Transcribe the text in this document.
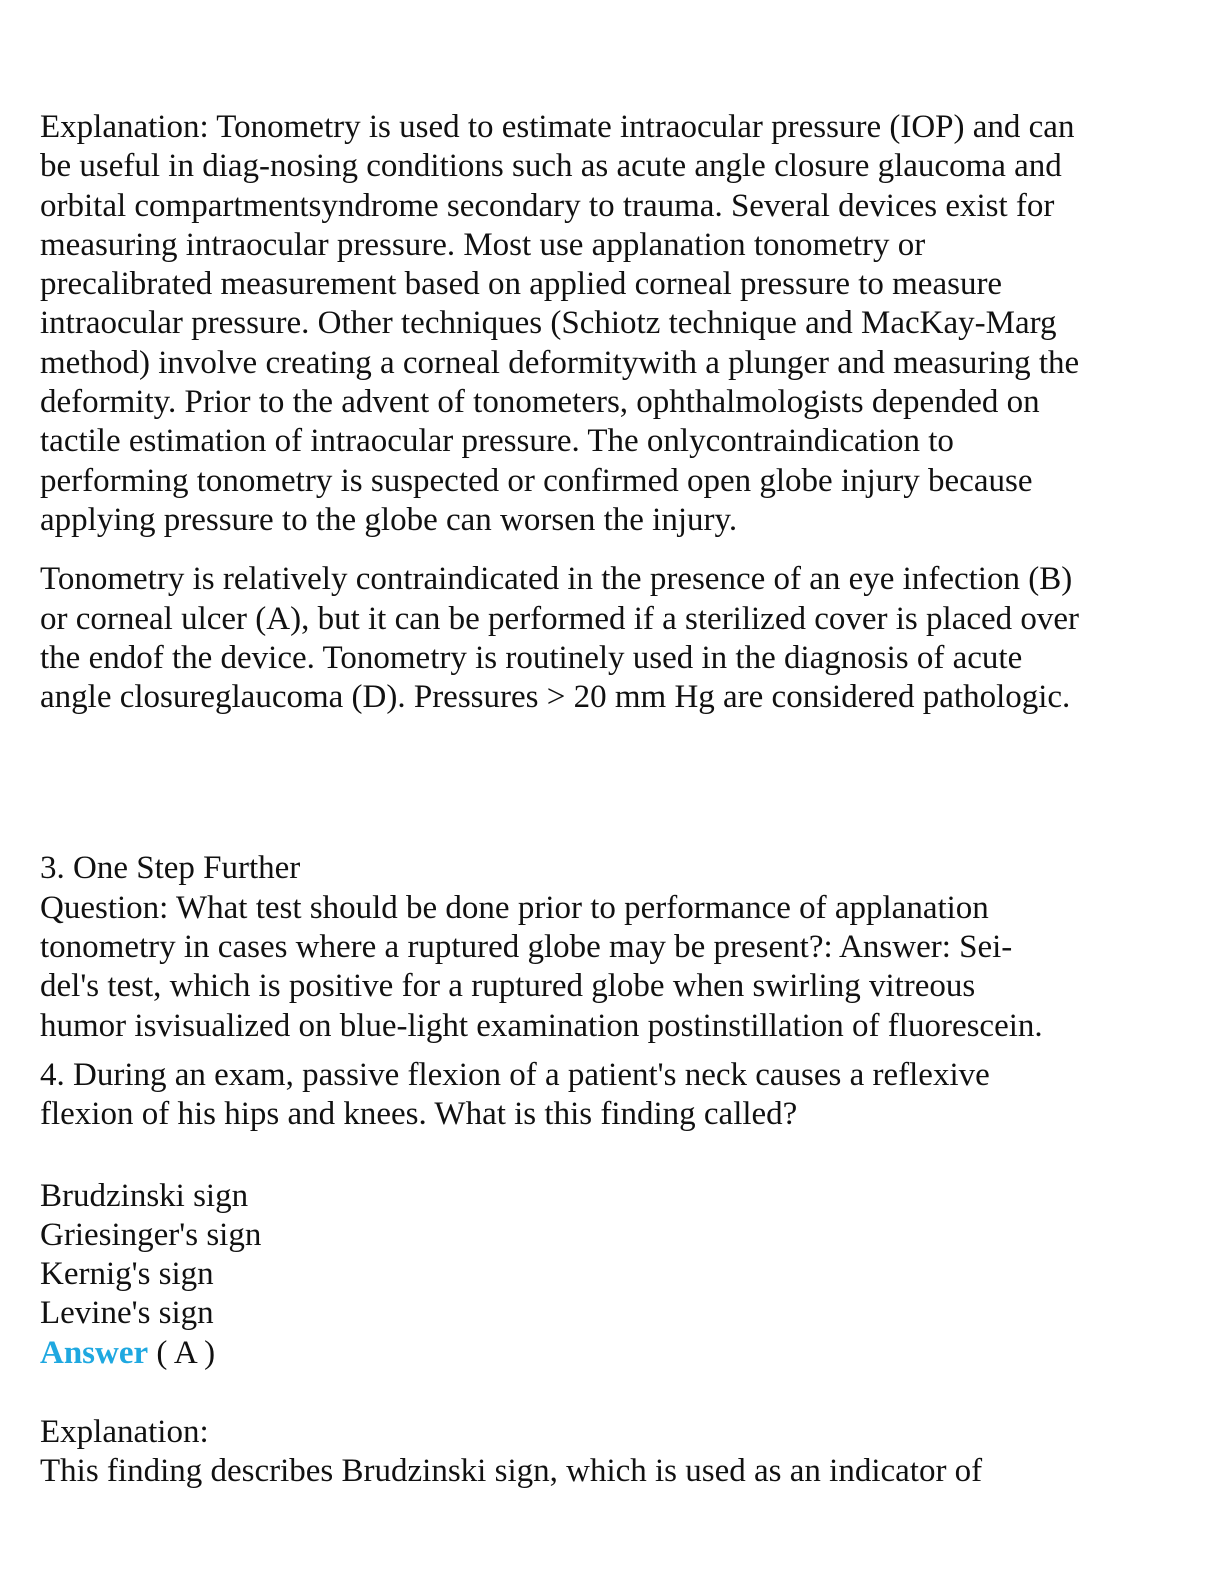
Explanation: Tonometry is used to estimate intraocular pressure (IOP) and can
be useful in diag-nosing conditions such as acute angle closure glaucoma and
orbital compartmentsyndrome secondary to trauma. Several devices exist for
measuring intraocular pressure. Most use applanation tonometry or
precalibrated measurement based on applied corneal pressure to measure
intraocular pressure. Other techniques (Schiotz technique and MacKay-Marg
method) involve creating a corneal deformitywith a plunger and measuring the
deformity. Prior to the advent of tonometers, ophthalmologists depended on
tactile estimation of intraocular pressure. The onlycontraindication to
performing tonometry is suspected or confirmed open globe injury because
applying pressure to the globe can worsen the injury.
Tonometry is relatively contraindicated in the presence of an eye infection (B)
or corneal ulcer (A), but it can be performed if a sterilized cover is placed over
the endof the device. Tonometry is routinely used in the diagnosis of acute
angle closureglaucoma (D). Pressures > 20 mm Hg are considered pathologic.
3. One Step Further
Question: What test should be done prior to performance of applanation
tonometry in cases where a ruptured globe may be present?: Answer: Sei-
del's test, which is positive for a ruptured globe when swirling vitreous
humor isvisualized on blue-light examination postinstillation of fluorescein.
4. During an exam, passive flexion of a patient's neck causes a reflexive
flexion of his hips and knees. What is this finding called?
Brudzinski sign
Griesinger's sign
Kernig's sign
Levine's sign
Answer ( A )
Explanation:
This finding describes Brudzinski sign, which is used as an indicator of
